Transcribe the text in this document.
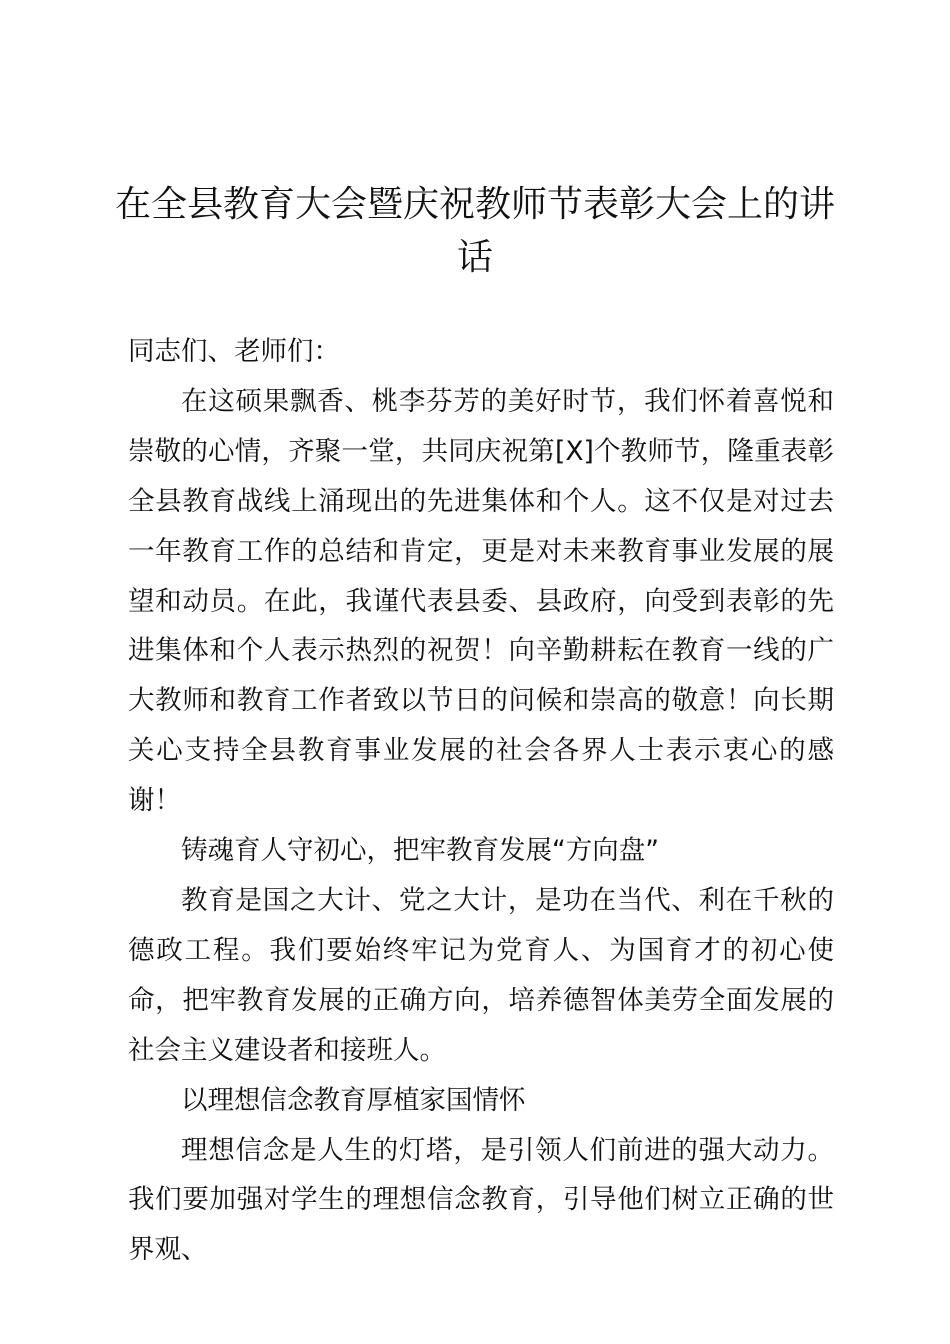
在全县教育大会暨庆祝教师节表彰大会上的讲话

同志们、老师们：

在这硕果飘香、桃李芬芳的美好时节，我们怀着喜悦和崇敬的心情，齐聚一堂，共同庆祝第[X]个教师节，隆重表彰全县教育战线上涌现出的先进集体和个人。这不仅是对过去一年教育工作的总结和肯定，更是对未来教育事业发展的展望和动员。在此，我谨代表县委、县政府，向受到表彰的先进集体和个人表示热烈的祝贺！向辛勤耕耘在教育一线的广大教师和教育工作者致以节日的问候和崇高的敬意！向长期关心支持全县教育事业发展的社会各界人士表示衷心的感谢！

铸魂育人守初心，把牢教育发展“方向盘”

教育是国之大计、党之大计，是功在当代、利在千秋的德政工程。我们要始终牢记为党育人、为国育才的初心使命，把牢教育发展的正确方向，培养德智体美劳全面发展的社会主义建设者和接班人。

以理想信念教育厚植家国情怀

理想信念是人生的灯塔，是引领人们前进的强大动力。我们要加强对学生的理想信念教育，引导他们树立正确的世界观、
